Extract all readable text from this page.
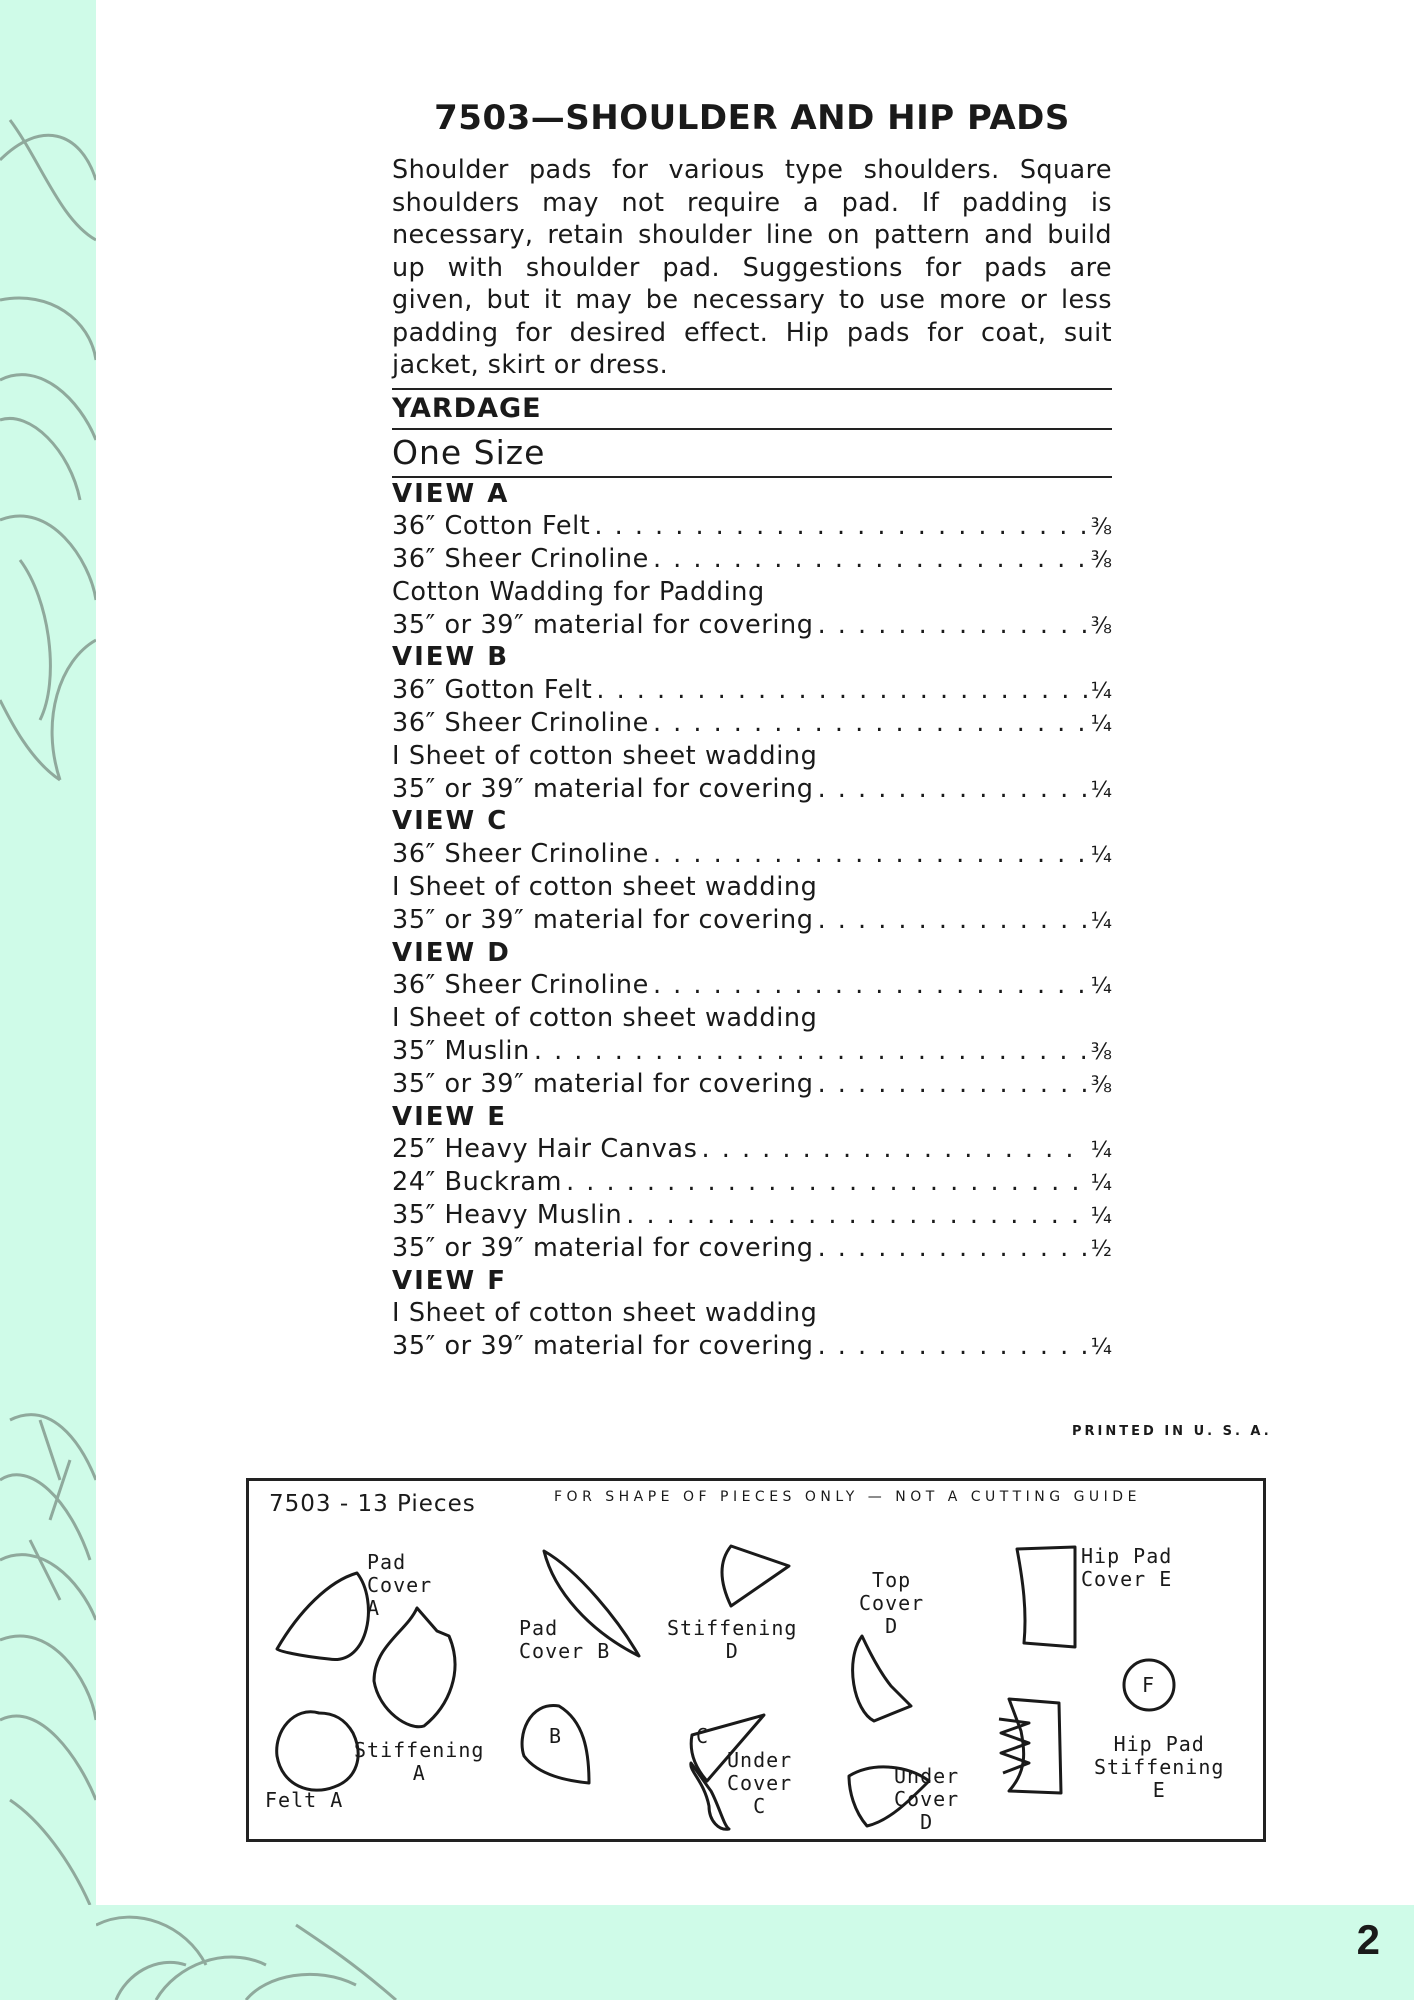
7503—SHOULDER AND HIP PADS

Shoulder pads for various type shoulders. Square
shoulders may not require a pad. If padding is
necessary, retain shoulder line on pattern and build
up with shoulder pad. Suggestions for pads are
given, but it may be necessary to use more or less
padding for desired effect. Hip pads for coat, suit
jacket, skirt or dress.

YARDAGE
One Size
VIEW A
36″ Cotton Felt . . .	⅜
36″ Sheer Crinoline . . .	⅜
Cotton Wadding for Padding
35″ or 39″ material for covering . . .	⅜
VIEW B
36″ Gotton Felt . . .	¼
36″ Sheer Crinoline . . .	¼
I Sheet of cotton sheet wadding
35″ or 39″ material for covering . . .	¼
VIEW C
36″ Sheer Crinoline . . .	¼
I Sheet of cotton sheet wadding
35″ or 39″ material for covering . . .	¼
VIEW D
36″ Sheer Crinoline . . .	¼
I Sheet of cotton sheet wadding
35″ Muslin . . .	⅜
35″ or 39″ material for covering . . .	⅜
VIEW E
25″ Heavy Hair Canvas . . .	¼
24″ Buckram . . .	¼
35″ Heavy Muslin . . .	¼
35″ or 39″ material for covering . . .	½
VIEW F
I Sheet of cotton sheet wadding
35″ or 39″ material for covering . . .	¼
PRINTED IN U. S. A.
7503 - 13 Pieces	FOR SHAPE OF PIECES ONLY — NOT A CUTTING GUIDE
Pad
Cover
A
Pad
Cover B
Stiffening
D
Top
Cover
D
Hip Pad
Cover E
Stiffening
A
Felt A
Under
Cover
C
Under
Cover
D
Hip Pad
Stiffening
E
C
B
F
2
